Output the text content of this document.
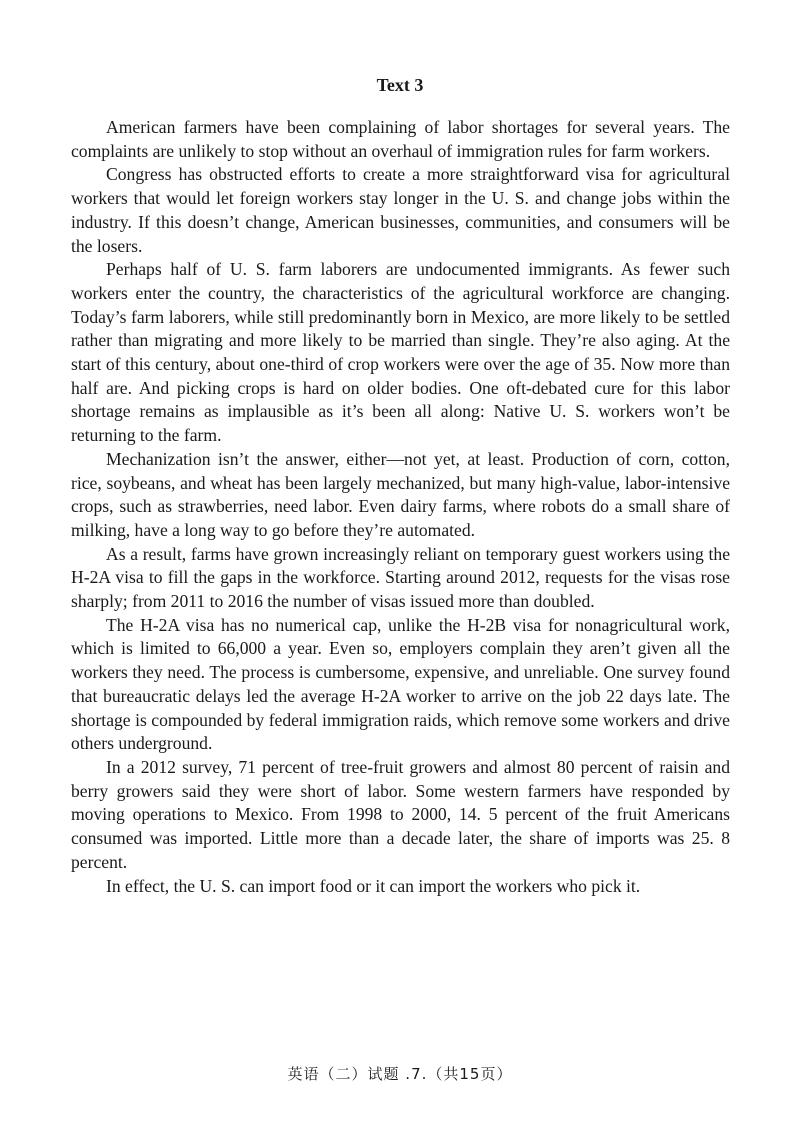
Text 3

American farmers have been complaining of labor shortages for several years. The complaints are unlikely to stop without an overhaul of immigration rules for farm workers.

Congress has obstructed efforts to create a more straightforward visa for agricultural workers that would let foreign workers stay longer in the U. S. and change jobs within the industry. If this doesn’t change, American businesses, communities, and consumers will be the losers.

Perhaps half of U. S. farm laborers are undocumented immigrants. As fewer such workers enter the country, the characteristics of the agricultural workforce are changing. Today’s farm laborers, while still predominantly born in Mexico, are more likely to be settled rather than migrating and more likely to be married than single. They’re also aging. At the start of this century, about one-third of crop workers were over the age of 35. Now more than half are. And picking crops is hard on older bodies. One oft-debated cure for this labor shortage remains as implausible as it’s been all along: Native U. S. workers won’t be returning to the farm.

Mechanization isn’t the answer, either—not yet, at least. Production of corn, cotton, rice, soybeans, and wheat has been largely mechanized, but many high-value, labor-intensive crops, such as strawberries, need labor. Even dairy farms, where robots do a small share of milking, have a long way to go before they’re automated.

As a result, farms have grown increasingly reliant on temporary guest workers using the H-2A visa to fill the gaps in the workforce. Starting around 2012, requests for the visas rose sharply; from 2011 to 2016 the number of visas issued more than doubled.

The H-2A visa has no numerical cap, unlike the H-2B visa for nonagricultural work, which is limited to 66,000 a year. Even so, employers complain they aren’t given all the workers they need. The process is cumbersome, expensive, and unreliable. One survey found that bureaucratic delays led the average H-2A worker to arrive on the job 22 days late. The shortage is compounded by federal immigration raids, which remove some workers and drive others underground.

In a 2012 survey, 71 percent of tree-fruit growers and almost 80 percent of raisin and berry growers said they were short of labor. Some western farmers have responded by moving operations to Mexico. From 1998 to 2000, 14. 5 percent of the fruit Americans consumed was imported. Little more than a decade later, the share of imports was 25. 8 percent.

In effect, the U. S. can import food or it can import the workers who pick it.

英语（二）试题 .7.（共15页）
